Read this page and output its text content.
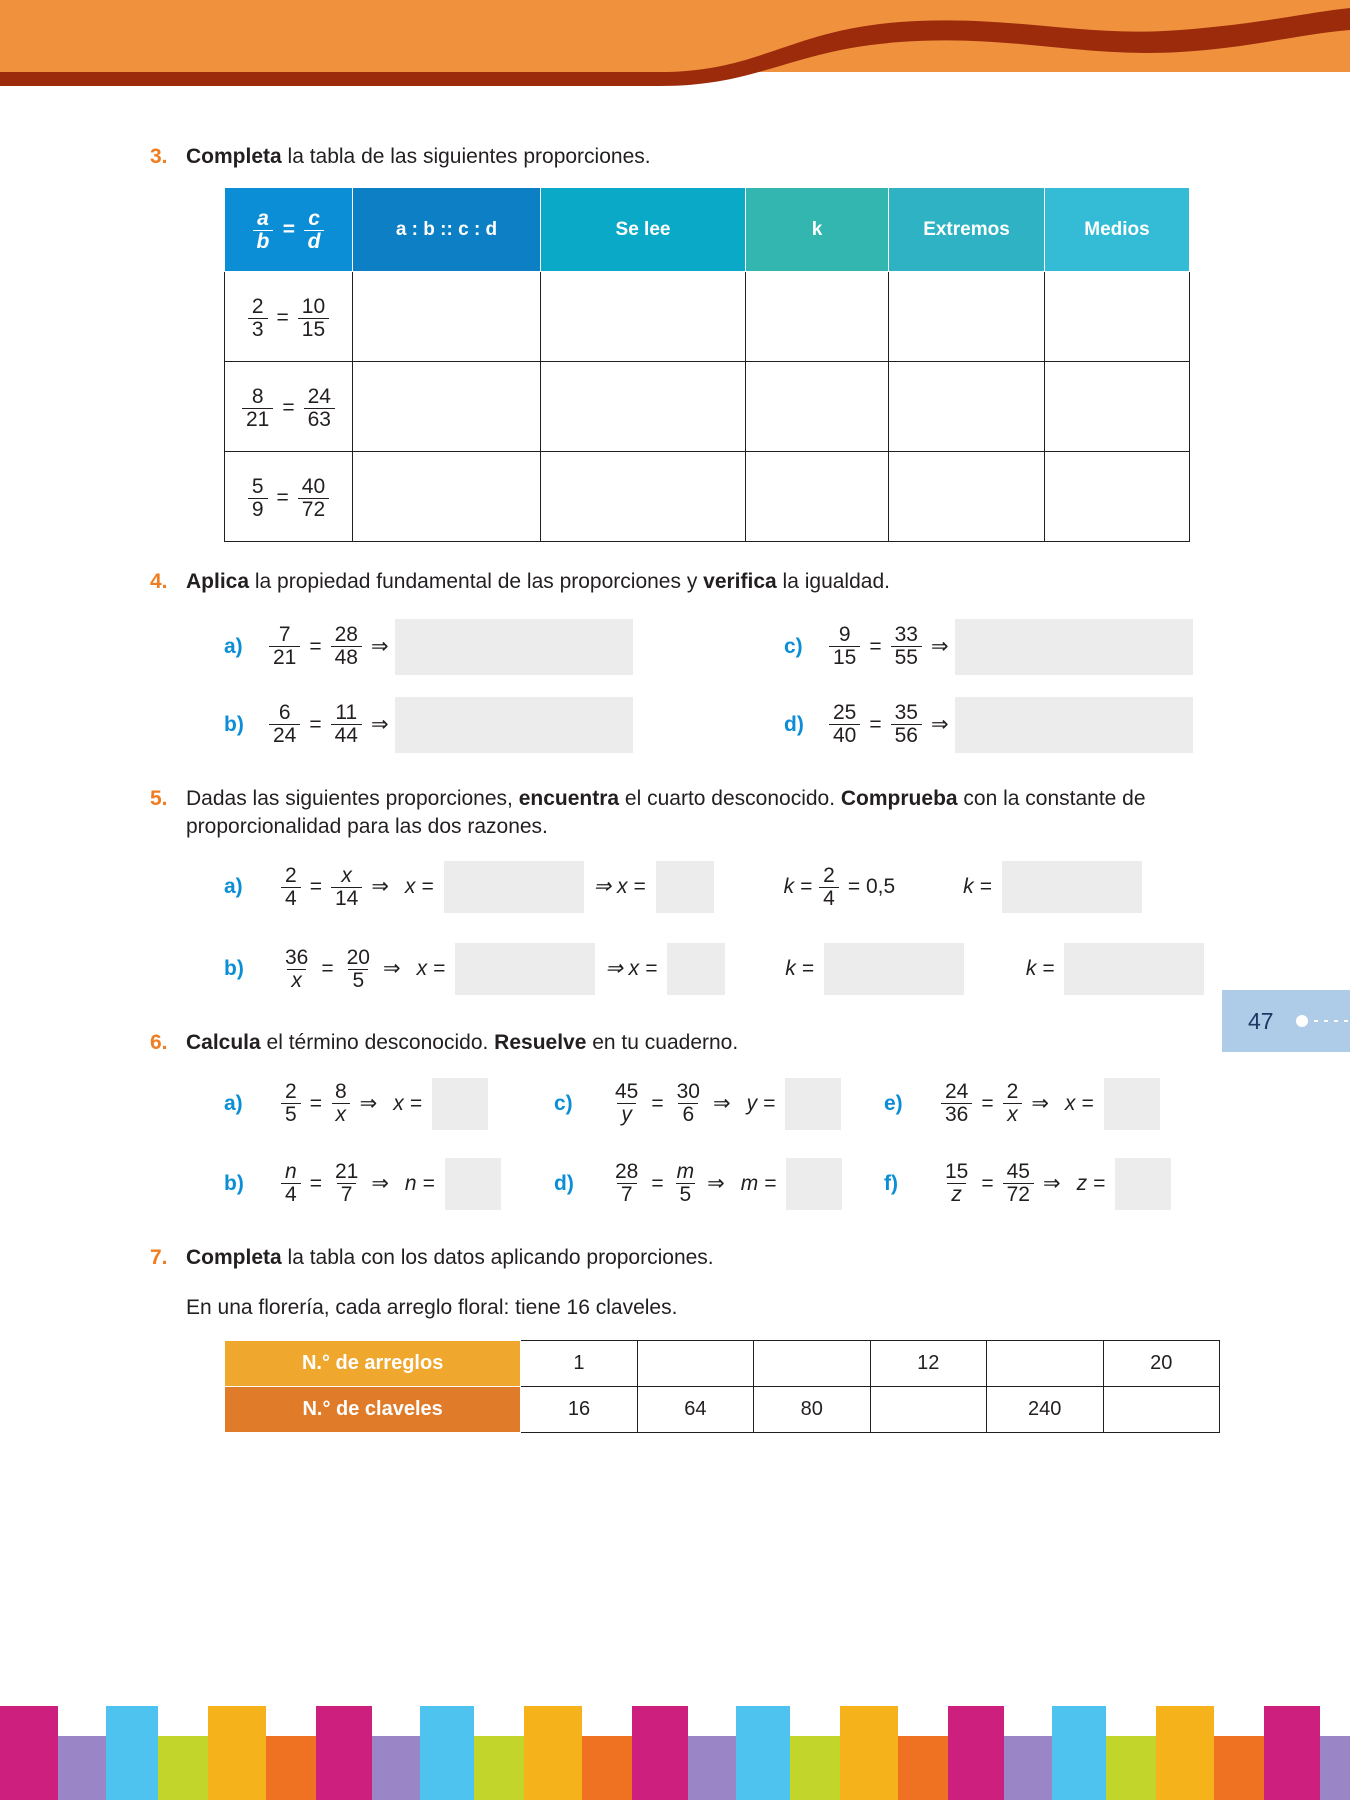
47
3. Completa la tabla de las siguientes proporciones.
$\frac{a}{b} = \frac{c}{d}$	a : b :: c : d	Se lee	k	Extremos	Medios

$\frac{2}{3} = \frac{10}{15}$

$\frac{8}{21} = \frac{24}{63}$

$\frac{5}{9} = \frac{40}{72}$

4. Aplica la propiedad fundamental de las proporciones y verifica la igualdad.
a)	$\frac{7}{21} = \frac{28}{48}$ ⇒	c)	$\frac{9}{15} = \frac{33}{55}$ ⇒
b)	$\frac{6}{24} = \frac{11}{44}$ ⇒	d)	$\frac{25}{40} = \frac{35}{56}$ ⇒
5. Dadas las siguientes proporciones, encuentra el cuarto desconocido. Comprueba con la constante de proporcionalidad para las dos razones.
a)	$\frac{2}{4} = \frac{x}{14}$ ⇒ x =	⇒ x =	$k = \frac{2}{4} = 0,5$	k =
b)	$\frac{36}{x} = \frac{20}{5}$ ⇒ x =	⇒ x =	k =	k =
6. Calcula el término desconocido. Resuelve en tu cuaderno.
a)	$\frac{2}{5} = \frac{8}{x}$ ⇒ x =	c)	$\frac{45}{y} = \frac{30}{6}$ ⇒ y =	e)	$\frac{24}{36} = \frac{2}{x}$ ⇒ x =
b)	$\frac{n}{4} = \frac{21}{7}$ ⇒ n =	d)	$\frac{28}{7} = \frac{m}{5}$ ⇒ m =	f)	$\frac{15}{z} = \frac{45}{72}$ ⇒ z =
7. Completa la tabla con los datos aplicando proporciones.
En una florería, cada arreglo floral: tiene 16 claveles.
N.° de arreglos	1			12		20
N.° de claveles	16	64	80		240	
